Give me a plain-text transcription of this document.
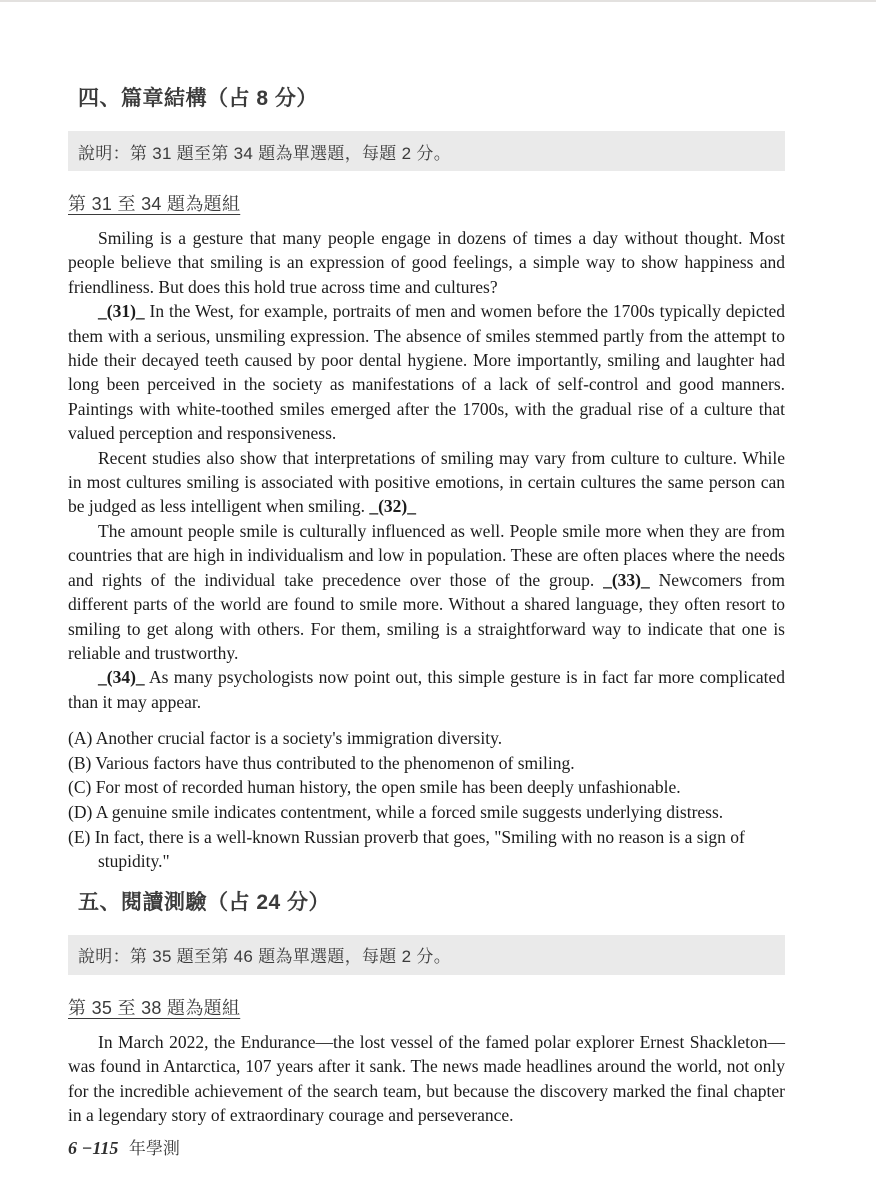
四、篇章結構（占 8 分）
說明：第 31 題至第 34 題為單選題，每題 2 分。
第 31 至 34 題為題組

Smiling is a gesture that many people engage in dozens of times a day without thought. Most people believe that smiling is an expression of good feelings, a simple way to show happiness and friendliness. But does this hold true across time and cultures?

_(31)_ In the West, for example, portraits of men and women before the 1700s typically depicted them with a serious, unsmiling expression. The absence of smiles stemmed partly from the attempt to hide their decayed teeth caused by poor dental hygiene. More importantly, smiling and laughter had long been perceived in the society as manifestations of a lack of self-control and good manners. Paintings with white-toothed smiles emerged after the 1700s, with the gradual rise of a culture that valued perception and responsiveness.

Recent studies also show that interpretations of smiling may vary from culture to culture. While in most cultures smiling is associated with positive emotions, in certain cultures the same person can be judged as less intelligent when smiling. _(32)_

The amount people smile is culturally influenced as well. People smile more when they are from countries that are high in individualism and low in population. These are often places where the needs and rights of the individual take precedence over those of the group. _(33)_ Newcomers from different parts of the world are found to smile more. Without a shared language, they often resort to smiling to get along with others. For them, smiling is a straightforward way to indicate that one is reliable and trustworthy.

_(34)_ As many psychologists now point out, this simple gesture is in fact far more complicated than it may appear.

(A) Another crucial factor is a society's immigration diversity.
(B) Various factors have thus contributed to the phenomenon of smiling.
(C) For most of recorded human history, the open smile has been deeply unfashionable.
(D) A genuine smile indicates contentment, while a forced smile suggests underlying distress.
(E) In fact, there is a well-known Russian proverb that goes, "Smiling with no reason is a sign of stupidity."
五、閱讀測驗（占 24 分）
說明：第 35 題至第 46 題為單選題，每題 2 分。
第 35 至 38 題為題組

In March 2022, the Endurance—the lost vessel of the famed polar explorer Ernest Shackleton—was found in Antarctica, 107 years after it sank. The news made headlines around the world, not only for the incredible achievement of the search team, but because the discovery marked the final chapter in a legendary story of extraordinary courage and perseverance.

6 −115 年學測
